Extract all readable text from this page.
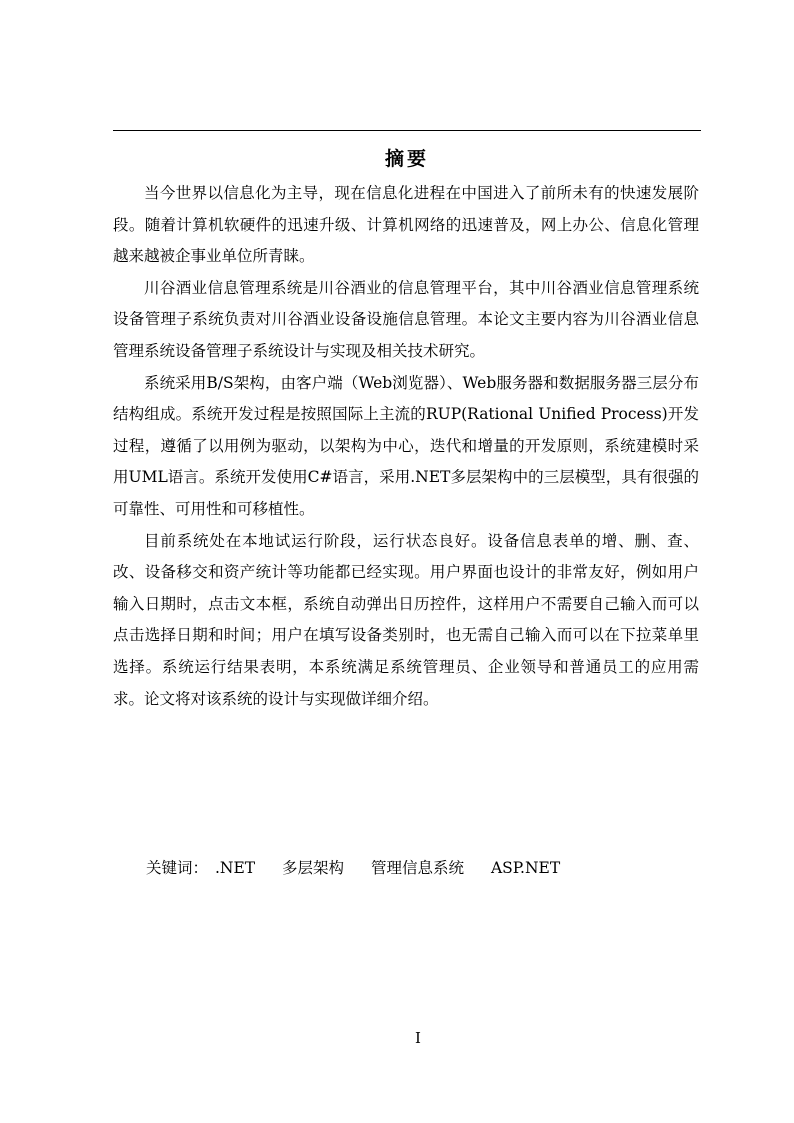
摘要

当今世界以信息化为主导，现在信息化进程在中国进入了前所未有的快速发展阶段。随着计算机软硬件的迅速升级、计算机网络的迅速普及，网上办公、信息化管理越来越被企事业单位所青睐。

川谷酒业信息管理系统是川谷酒业的信息管理平台，其中川谷酒业信息管理系统设备管理子系统负责对川谷酒业设备设施信息管理。本论文主要内容为川谷酒业信息管理系统设备管理子系统设计与实现及相关技术研究。

系统采用B/S架构，由客户端（Web浏览器）、Web服务器和数据服务器三层分布结构组成。系统开发过程是按照国际上主流的RUP(Rational Unified Process)开发过程，遵循了以用例为驱动，以架构为中心，迭代和增量的开发原则，系统建模时采用UML语言。系统开发使用C#语言，采用.NET多层架构中的三层模型，具有很强的可靠性、可用性和可移植性。

目前系统处在本地试运行阶段，运行状态良好。设备信息表单的增、删、查、改、设备移交和资产统计等功能都已经实现。用户界面也设计的非常友好，例如用户输入日期时，点击文本框，系统自动弹出日历控件，这样用户不需要自己输入而可以点击选择日期和时间；用户在填写设备类别时，也无需自己输入而可以在下拉菜单里选择。系统运行结果表明，本系统满足系统管理员、企业领导和普通员工的应用需求。论文将对该系统的设计与实现做详细介绍。

关键词： .NET 多层架构 管理信息系统 ASP.NET
I
